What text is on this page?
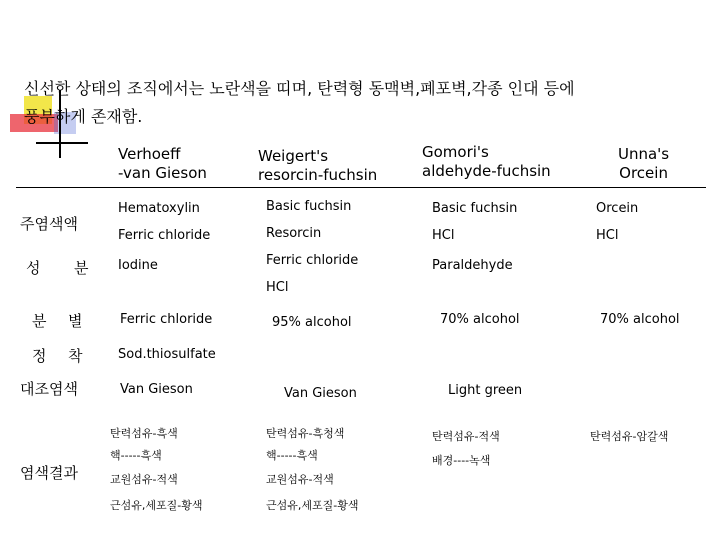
신선한 상태의 조직에서는 노란색을 띠며, 탄력형 동맥벽,폐포벽,각종 인대 등에
풍부하게 존재함.
Verhoeff
-van Gieson
Weigert's
resorcin-fuchsin
Gomori's
aldehyde-fuchsin
Unna's
Orcein
주염색액
성 분
분 별
정 착
대조염색
염색결과
Hematoxylin
Ferric chloride
Iodine
Ferric chloride
Sod.thiosulfate
Van Gieson
탄력섬유-흑색
핵-----흑색
교원섬유-적색
근섬유,세포질-황색
Basic fuchsin
Resorcin
Ferric chloride
HCl
95% alcohol
Van Gieson
탄력섬유-흑청색
핵-----흑색
교원섬유-적색
근섬유,세포질-황색
Basic fuchsin
HCl
Paraldehyde
70% alcohol
Light green
탄력섬유-적색
배경----녹색
Orcein
HCl
70% alcohol
탄력섬유-암갈색
